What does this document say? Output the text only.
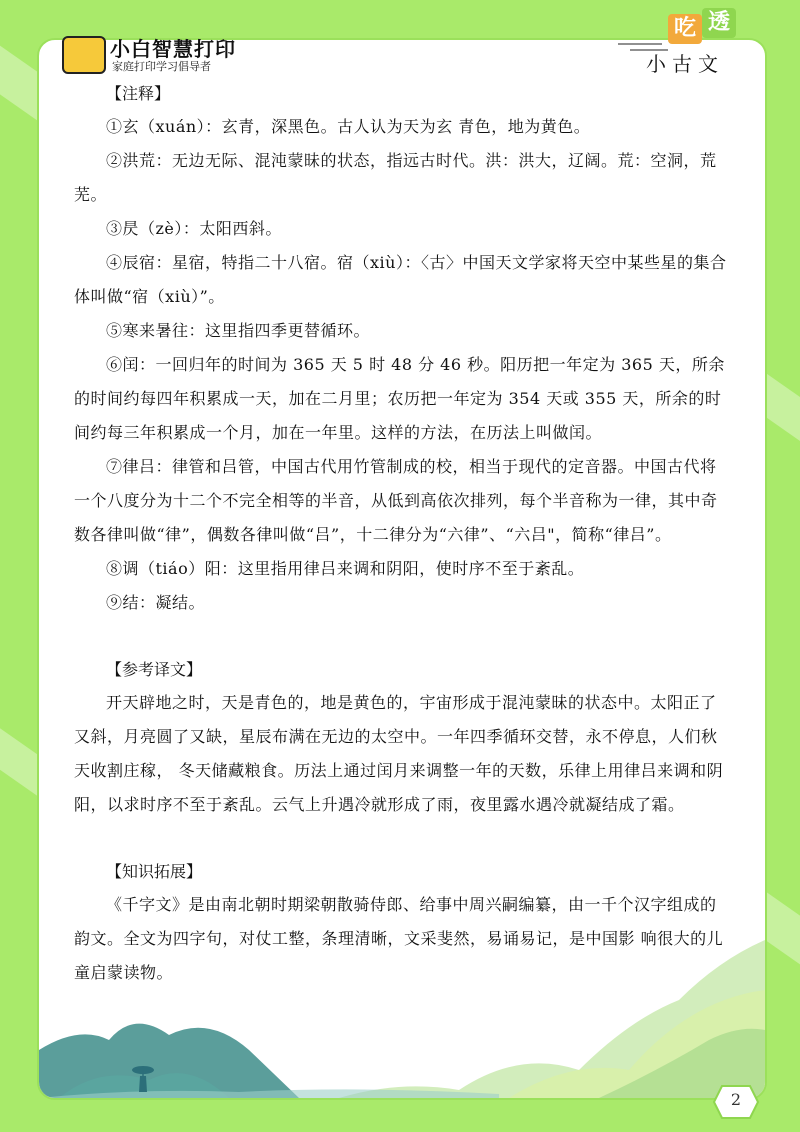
小白智慧打印
家庭打印学习倡导者
吃 透
小古文
【注释】

①玄（xuán）：玄青，深黑色。古人认为天为玄 青色，地为黄色。

②洪荒：无边无际、混沌蒙昧的状态，指远古时代。洪：洪大，辽阔。荒：空洞，荒芜。

③昃（zè）：太阳西斜。

④辰宿：星宿，特指二十八宿。宿（xiù）：〈古〉中国天文学家将天空中某些星的集合体叫做“宿（xiù）”。

⑤寒来暑往：这里指四季更替循环。

⑥闰：一回归年的时间为 365 天 5 时 48 分 46 秒。阳历把一年定为 365 天，所余的时间约每四年积累成一天，加在二月里；农历把一年定为 354 天或 355 天，所余的时间约每三年积累成一个月，加在一年里。这样的方法，在历法上叫做闰。

⑦律吕：律管和吕管，中国古代用竹管制成的校，相当于现代的定音器。中国古代将一个八度分为十二个不完全相等的半音，从低到高依次排列，每个半音称为一律，其中奇数各律叫做“律”，偶数各律叫做“吕”，十二律分为“六律”、“六吕"，简称“律吕”。

⑧调（tiáo）阳：这里指用律吕来调和阴阳，使时序不至于紊乱。

⑨结：凝结。

【参考译文】

开天辟地之时，天是青色的，地是黄色的，宇宙形成于混沌蒙昧的状态中。太阳正了又斜，月亮圆了又缺，星辰布满在无边的太空中。一年四季循环交替，永不停息，人们秋天收割庄稼， 冬天储藏粮食。历法上通过闰月来调整一年的天数，乐律上用律吕来调和阴阳，以求时序不至于紊乱。云气上升遇冷就形成了雨，夜里露水遇冷就凝结成了霜。

【知识拓展】

《千字文》是由南北朝时期梁朝散骑侍郎、给事中周兴嗣编纂，由一千个汉字组成的韵文。全文为四字句，对仗工整，条理清晰，文采斐然，易诵易记，是中国影 响很大的儿童启蒙读物。

2
